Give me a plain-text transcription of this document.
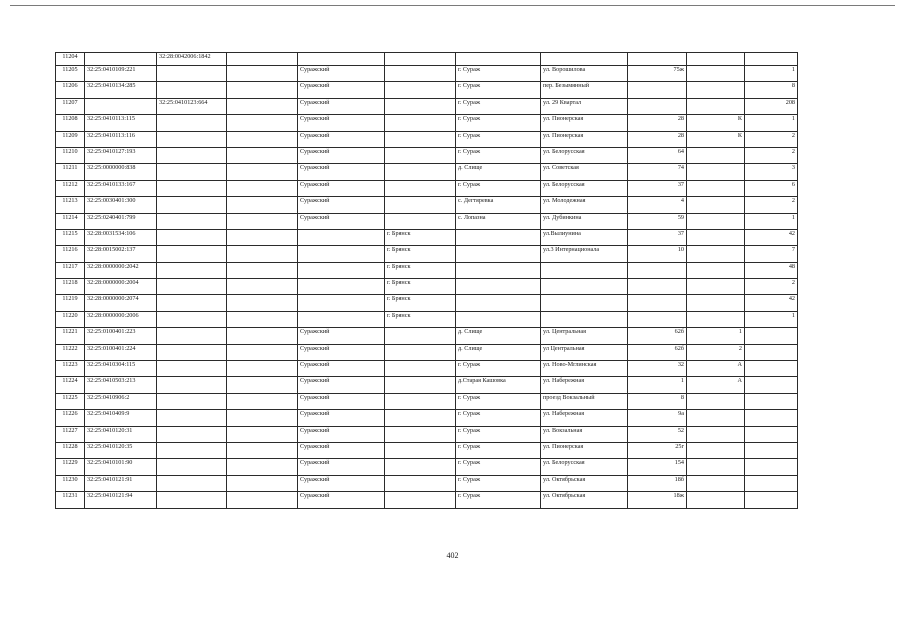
11204		32:28:0042006:1842								
11205	32:25:0410109:221			Суражский		г. Сураж	ул. Ворошилова	75ж		1
11206	32:25:0410134:285			Суражский		г. Сураж	пер. Безымянный			8
11207		32:25:0410123:664		Суражский		г. Сураж	ул. 29 Квартал			208
11208	32:25:0410113:115			Суражский		г. Сураж	ул. Пионерская	28	К	1
11209	32:25:0410113:116			Суражский		г. Сураж	ул. Пионерская	28	К	2
11210	32:25:0410127:193			Суражский		г. Сураж	ул. Белорусская	64		2
11211	32:25:0000000:838			Суражский		д. Слище	ул. Советская	74		3
11212	32:25:0410133:167			Суражский		г. Сураж	ул. Белорусская	37		6
11213	32:25:0030401:300			Суражский		с. Дегтяревка	ул. Молодежная	4		2
11214	32:25:0240401:799			Суражский		с. Лопазна	ул. Дубинкина	59		1
11215	32:28:0031534:106				г. Брянск		ул.Вылиунина	37		42
11216	32:28:0015002:137				г. Брянск		ул.3 Интернационала	10		7
11217	32:28:0000000:2042				г. Брянск					48
11218	32:28:0000000:2004				г. Брянск					2
11219	32:28:0000000:2074				г. Брянск					42
11220	32:28:0000000:2006				г. Брянск					1
11221	32:25:0100401:223			Суражский		д. Слище	ул. Центральная	62б	1	
11222	32:25:0100401:224			Суражский		д. Слище	ул Центральная	62б	2	
11223	32:25:0410304:115			Суражский		г. Сураж	ул. Ново-Мглинская	32	А	
11224	32:25:0410503:213			Суражский		д.Старая Кашовка	ул. Набережная	1	А	
11225	32:25:0410906:2			Суражский		г. Сураж	проезд Вокзальный	8		
11226	32:25:0410409:9			Суражский		г. Сураж	ул. Набережная	9а		
11227	32:25:0410120:31			Суражский		г. Сураж	ул. Вокзальная	52		
11228	32:25:0410120:35			Суражский		г. Сураж	ул. Пионерская	25г		
11229	32:25:0410101:90			Суражский		г. Сураж	ул. Белорусская	154		
11230	32:25:0410121:91			Суражский		г. Сураж	ул. Октябрьская	18б		
11231	32:25:0410121:94			Суражский		г. Сураж	ул. Октябрьская	18ж		
402
